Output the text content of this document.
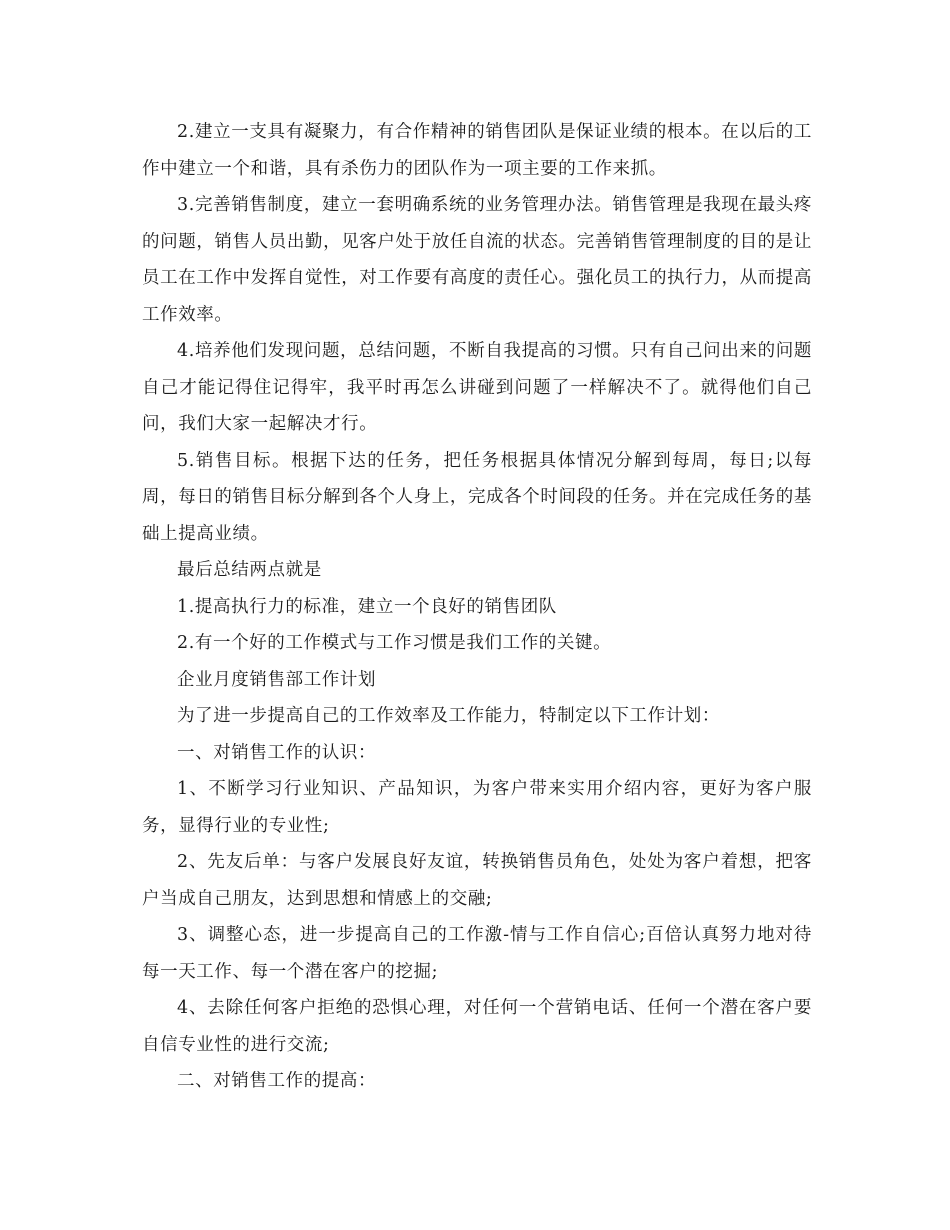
2.建立一支具有凝聚力，有合作精神的销售团队是保证业绩的根本。在以后的工作中建立一个和谐，具有杀伤力的团队作为一项主要的工作来抓。

3.完善销售制度，建立一套明确系统的业务管理办法。销售管理是我现在最头疼的问题，销售人员出勤，见客户处于放任自流的状态。完善销售管理制度的目的是让员工在工作中发挥自觉性，对工作要有高度的责任心。强化员工的执行力，从而提高工作效率。

4.培养他们发现问题，总结问题，不断自我提高的习惯。只有自己问出来的问题自己才能记得住记得牢，我平时再怎么讲碰到问题了一样解决不了。就得他们自己问，我们大家一起解决才行。

5.销售目标。根据下达的任务，把任务根据具体情况分解到每周，每日;以每周，每日的销售目标分解到各个人身上，完成各个时间段的任务。并在完成任务的基础上提高业绩。

最后总结两点就是

1.提高执行力的标准，建立一个良好的销售团队

2.有一个好的工作模式与工作习惯是我们工作的关键。

企业月度销售部工作计划

为了进一步提高自己的工作效率及工作能力，特制定以下工作计划：

一、对销售工作的认识：

1、不断学习行业知识、产品知识，为客户带来实用介绍内容，更好为客户服务，显得行业的专业性;

2、先友后单：与客户发展良好友谊，转换销售员角色，处处为客户着想，把客户当成自己朋友，达到思想和情感上的交融;

3、调整心态，进一步提高自己的工作激-情与工作自信心;百倍认真努力地对待每一天工作、每一个潜在客户的挖掘;

4、去除任何客户拒绝的恐惧心理，对任何一个营销电话、任何一个潜在客户要自信专业性的进行交流;

二、对销售工作的提高：
